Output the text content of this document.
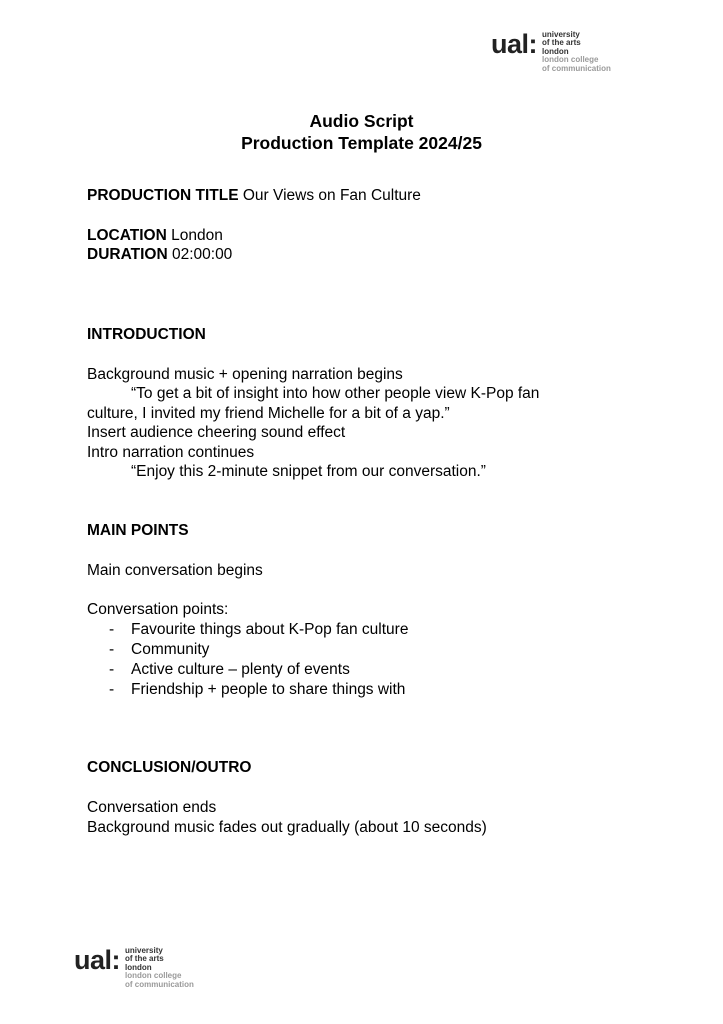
ual: university
of the arts
london
london college
of communication
Audio Script
Production Template 2024/25
PRODUCTION TITLE Our Views on Fan Culture
LOCATION London
DURATION 02:00:00
INTRODUCTION
Background music + opening narration begins
“To get a bit of insight into how other people view K-Pop fan
culture, I invited my friend Michelle for a bit of a yap.”
Insert audience cheering sound effect
Intro narration continues
“Enjoy this 2-minute snippet from our conversation.”
MAIN POINTS
Main conversation begins
Conversation points:
- Favourite things about K-Pop fan culture
- Community
- Active culture – plenty of events
- Friendship + people to share things with
CONCLUSION/OUTRO
Conversation ends
Background music fades out gradually (about 10 seconds)
ual: university
of the arts
london
london college
of communication
